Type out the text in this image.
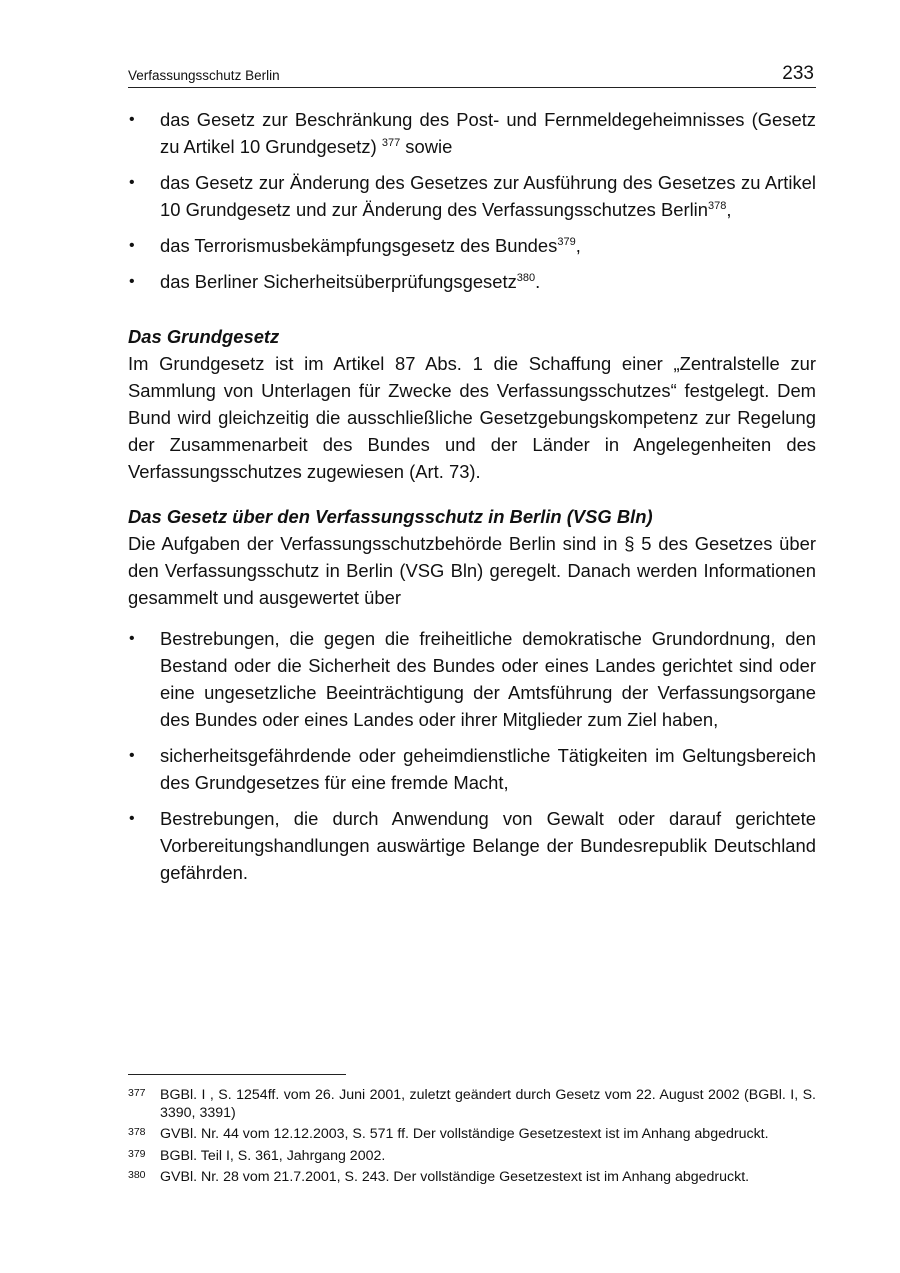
Verfassungsschutz Berlin	233
• das Gesetz zur Beschränkung des Post- und Fernmeldegeheimnisses (Gesetz zu Artikel 10 Grundgesetz) $^{377}$ sowie
• das Gesetz zur Änderung des Gesetzes zur Ausführung des Gesetzes zu Artikel 10 Grundgesetz und zur Änderung des Verfassungsschutzes Berlin$^{378}$,
• das Terrorismusbekämpfungsgesetz des Bundes$^{379}$,
• das Berliner Sicherheitsüberprüfungsgesetz$^{380}$.

Das Grundgesetz

Im Grundgesetz ist im Artikel 87 Abs. 1 die Schaffung einer „Zentralstelle zur Sammlung von Unterlagen für Zwecke des Verfassungsschutzes“ festgelegt. Dem Bund wird gleichzeitig die ausschließliche Gesetzgebungskompetenz zur Regelung der Zusammenarbeit des Bundes und der Länder in Angelegenheiten des Verfassungsschutzes zugewiesen (Art. 73).

Das Gesetz über den Verfassungsschutz in Berlin (VSG Bln)

Die Aufgaben der Verfassungsschutzbehörde Berlin sind in § 5 des Gesetzes über den Verfassungsschutz in Berlin (VSG Bln) geregelt. Danach werden Informationen gesammelt und ausgewertet über

• Bestrebungen, die gegen die freiheitliche demokratische Grundordnung, den Bestand oder die Sicherheit des Bundes oder eines Landes gerichtet sind oder eine ungesetzliche Beeinträchtigung der Amtsführung der Verfassungsorgane des Bundes oder eines Landes oder ihrer Mitglieder zum Ziel haben,
• sicherheitsgefährdende oder geheimdienstliche Tätigkeiten im Geltungsbereich des Grundgesetzes für eine fremde Macht,
• Bestrebungen, die durch Anwendung von Gewalt oder darauf gerichtete Vorbereitungshandlungen auswärtige Belange der Bundesrepublik Deutschland gefährden.
377 BGBl. I , S. 1254ff. vom 26. Juni 2001, zuletzt geändert durch Gesetz vom 22. August 2002 (BGBl. I, S. 3390, 3391)
378 GVBl. Nr. 44 vom 12.12.2003, S. 571 ff. Der vollständige Gesetzestext ist im Anhang abgedruckt.
379 BGBl. Teil I, S. 361, Jahrgang 2002.
380 GVBl. Nr. 28 vom 21.7.2001, S. 243. Der vollständige Gesetzestext ist im Anhang abgedruckt.
